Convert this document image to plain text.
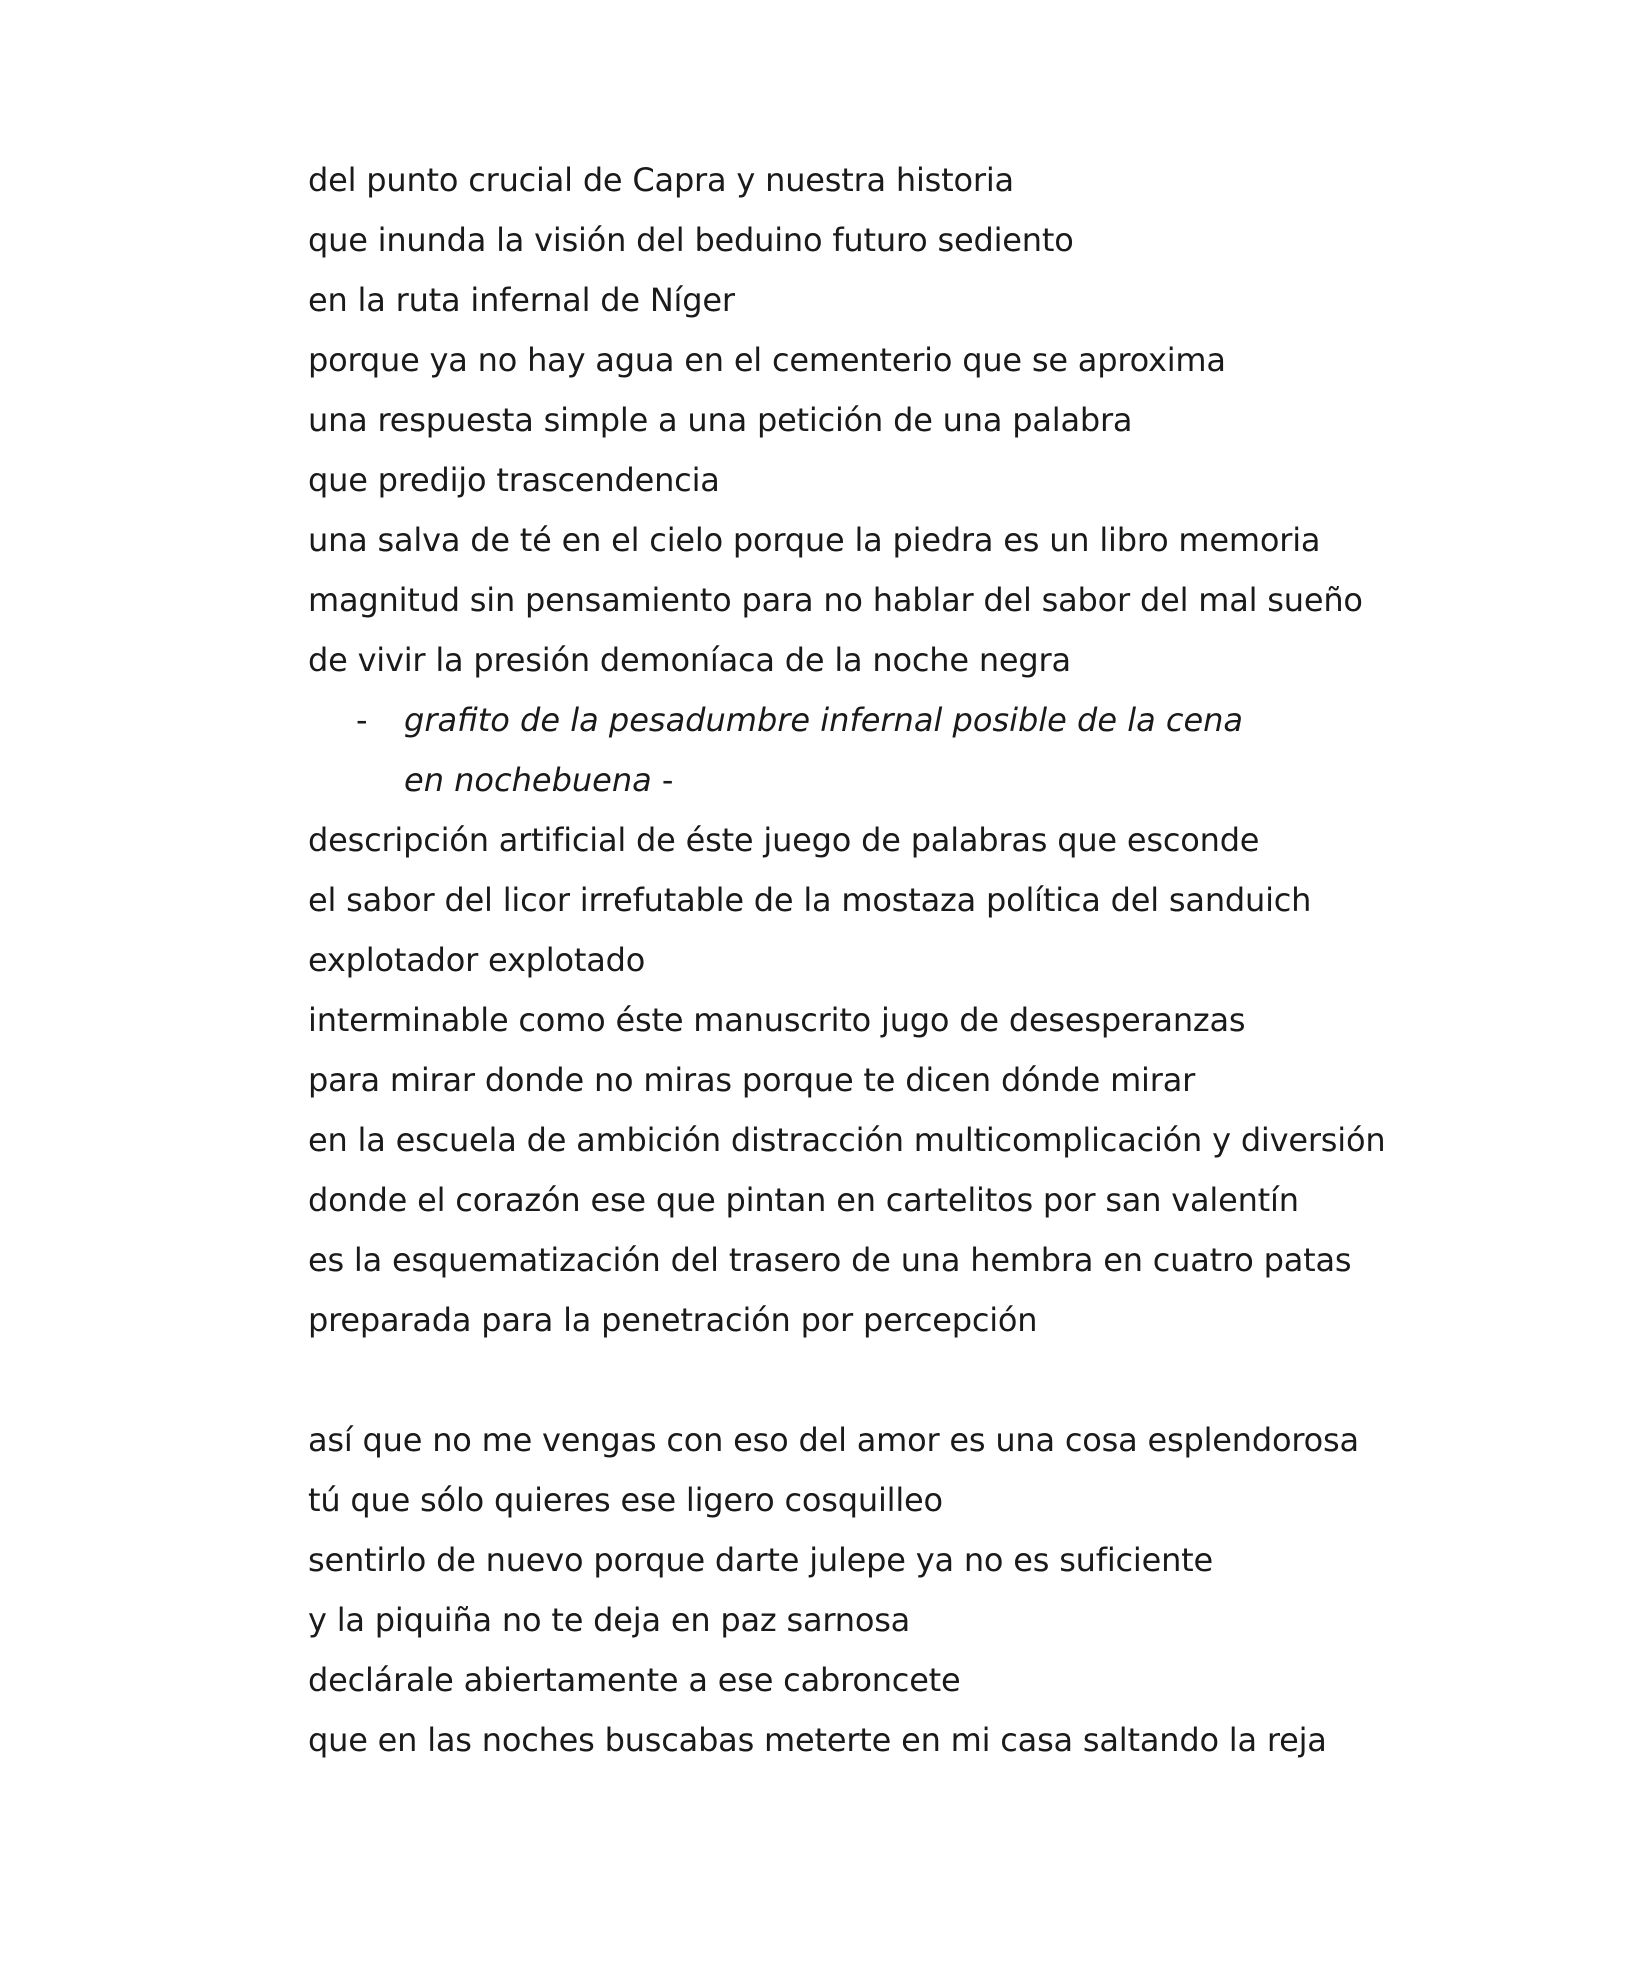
del punto crucial de Capra y nuestra historia
que inunda la visión del beduino futuro sediento
en la ruta infernal de Níger
porque ya no hay agua en el cementerio que se aproxima
una respuesta simple a una petición de una palabra
que predijo trascendencia
una salva de té en el cielo porque la piedra es un libro memoria
magnitud sin pensamiento para no hablar del sabor del mal sueño
de vivir la presión demoníaca de la noche negra
- grafito de la pesadumbre infernal posible de la cena
en nochebuena -
descripción artificial de éste juego de palabras que esconde
el sabor del licor irrefutable de la mostaza política del sanduich
explotador explotado
interminable como éste manuscrito jugo de desesperanzas
para mirar donde no miras porque te dicen dónde mirar
en la escuela de ambición distracción multicomplicación y diversión
donde el corazón ese que pintan en cartelitos por san valentín
es la esquematización del trasero de una hembra en cuatro patas
preparada para la penetración por percepción
así que no me vengas con eso del amor es una cosa esplendorosa
tú que sólo quieres ese ligero cosquilleo
sentirlo de nuevo porque darte julepe ya no es suficiente
y la piquiña no te deja en paz sarnosa
declárale abiertamente a ese cabroncete
que en las noches buscabas meterte en mi casa saltando la reja
